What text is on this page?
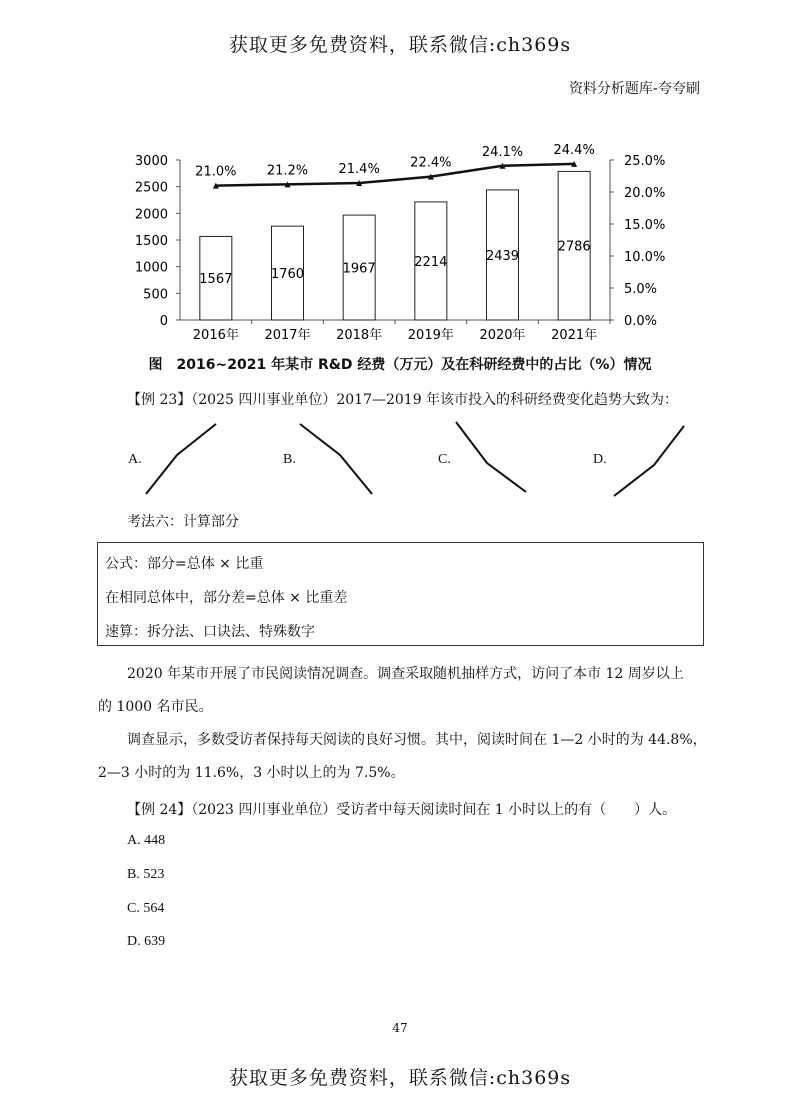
获取更多免费资料，联系微信:ch369s
资料分析题库-夸夸刷
0
500
1000
1500
2000
2500
3000
0.0%
5.0%
10.0%
15.0%
20.0%
25.0%
1567
2016年
1760
2017年
1967
2018年
2214
2019年
2439
2020年
2786
2021年
21.0% 21.2% 21.4% 22.4%
24.1% 24.4%
图　2016~2021 年某市 R&D 经费（万元）及在科研经费中的占比（%）情况
【例 23】（2025 四川事业单位）2017—2019 年该市投入的科研经费变化趋势大致为：
A.	B.	C.	D.
考法六：计算部分
公式：部分=总体 × 比重
在相同总体中，部分差=总体 × 比重差
速算：拆分法、口诀法、特殊数字
2020 年某市开展了市民阅读情况调查。调查采取随机抽样方式，访问了本市 12 周岁以上
的 1000 名市民。
调查显示，多数受访者保持每天阅读的良好习惯。其中，阅读时间在 1—2 小时的为 44.8%，
2—3 小时的为 11.6%，3 小时以上的为 7.5%。
【例 24】（2023 四川事业单位）受访者中每天阅读时间在 1 小时以上的有（　　）人。
A. 448
B. 523
C. 564
D. 639
47
获取更多免费资料，联系微信:ch369s
